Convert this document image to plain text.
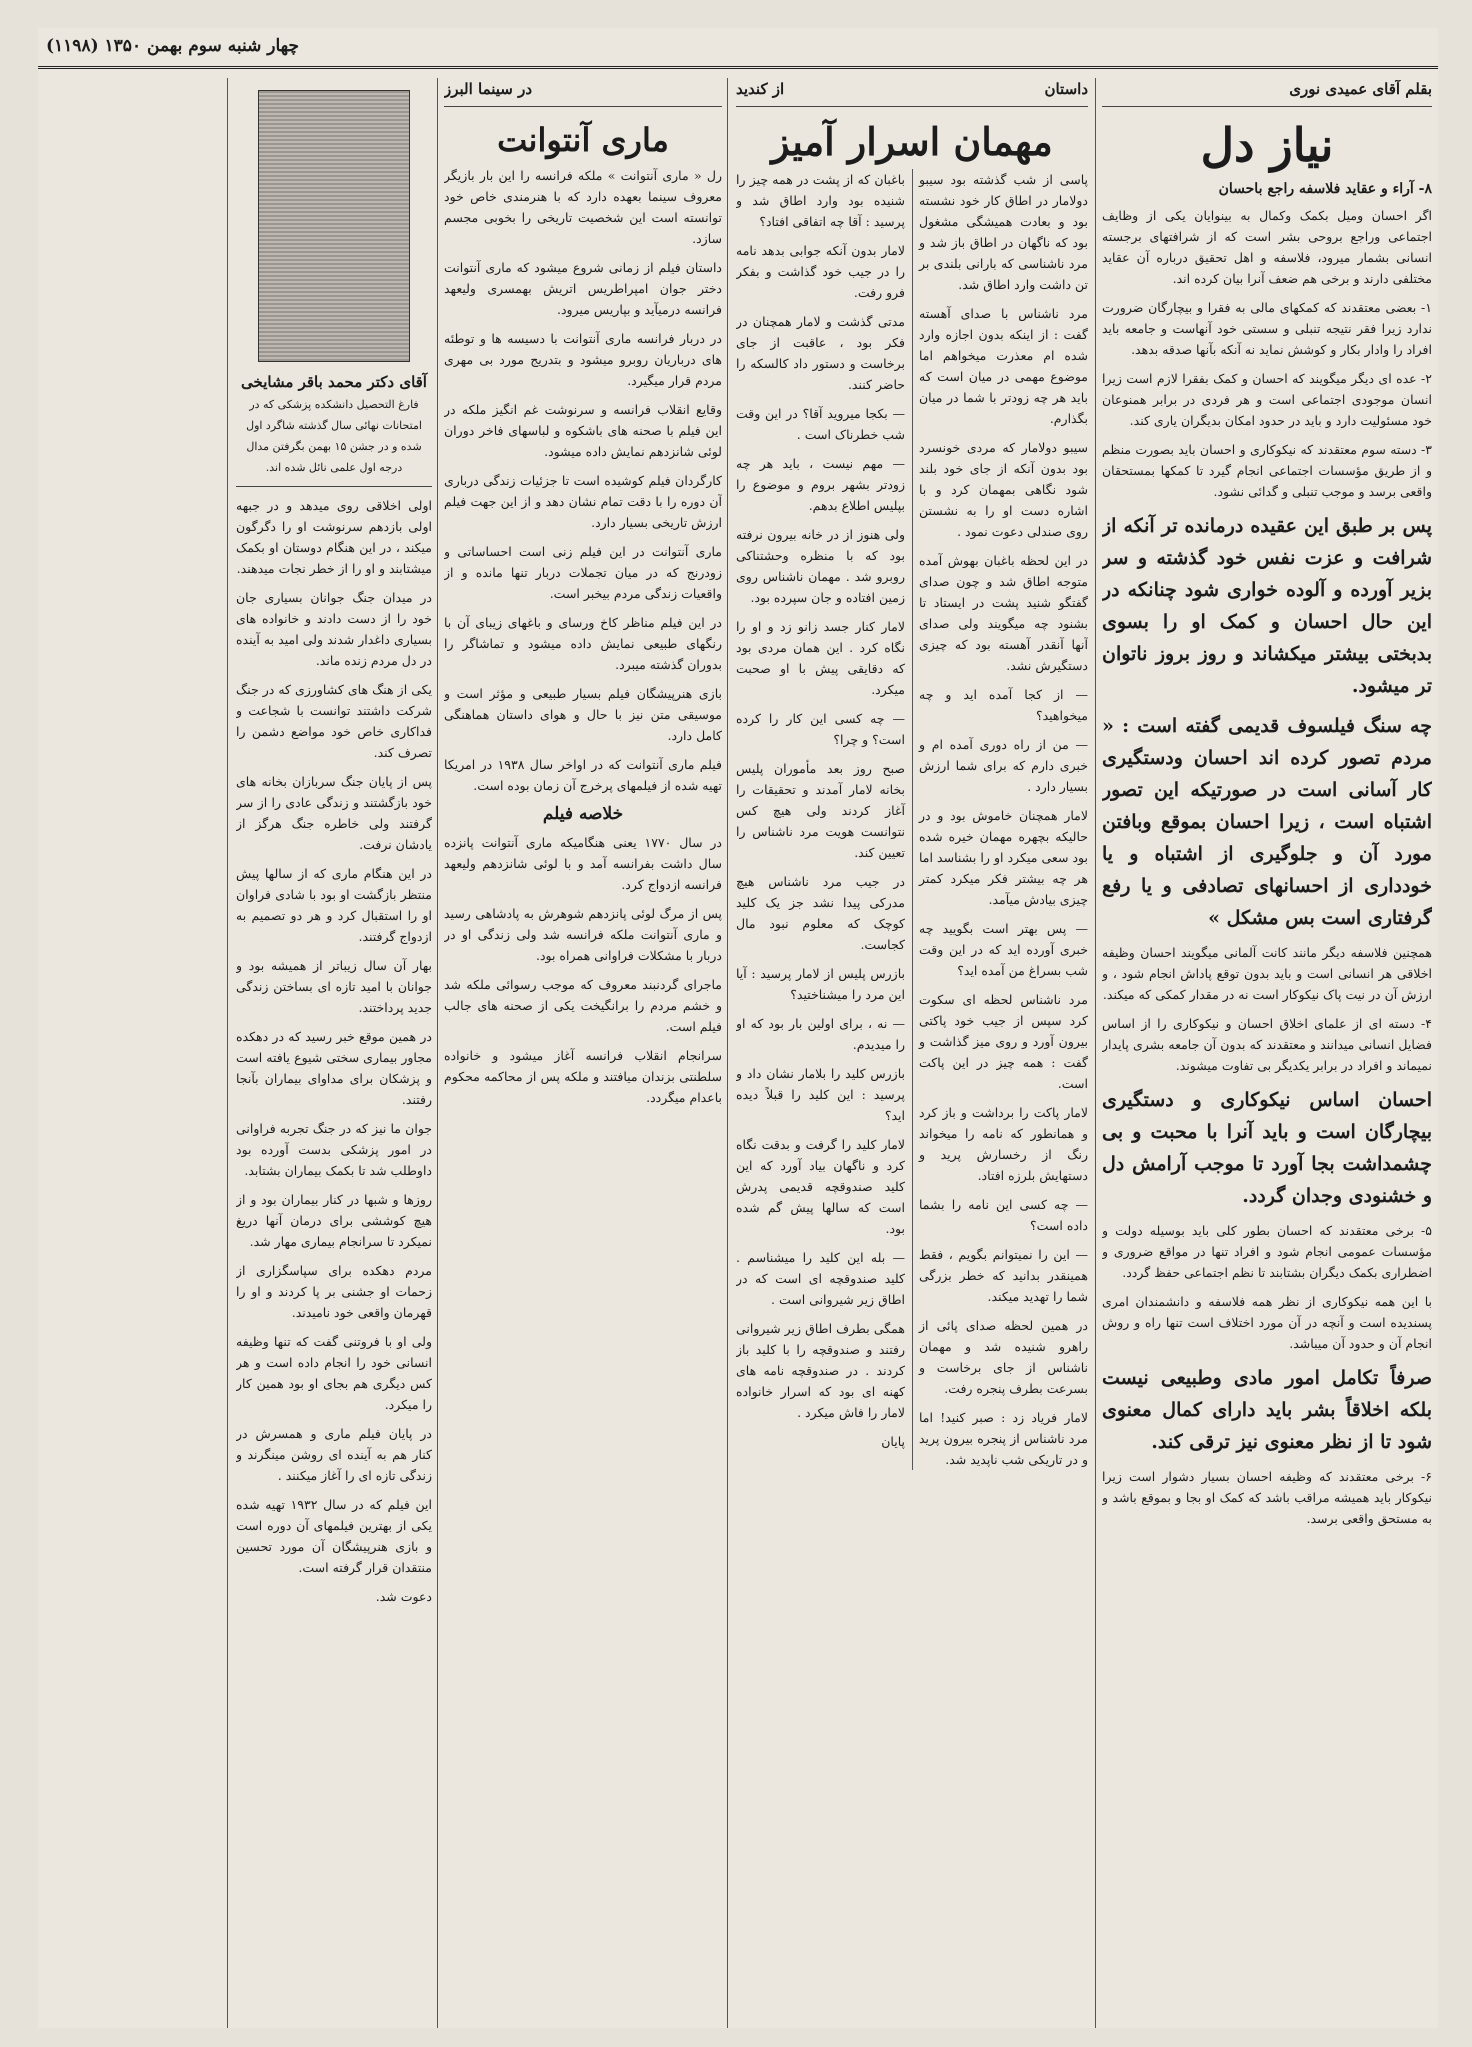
چهار شنبه سوم بهمن ۱۳۵۰ (۱۱۹۸)
بقلم آقای عمیدی نوری
نیاز دل
۸- آراء و عقاید فلاسفه راجع باحسان

اگر احسان ومیل بکمک وکمال به بینوایان یکی از وظایف اجتماعی وراجع بروحی بشر است که از شرافتهای برجسته انسانی بشمار میرود، فلاسفه و اهل تحقیق درباره آن عقاید مختلفی دارند و برخی هم ضعف آنرا بیان کرده اند.

۱- بعضی معتقدند که کمکهای مالی به فقرا و بیچارگان ضرورت ندارد زیرا فقر نتیجه تنبلی و سستی خود آنهاست و جامعه باید افراد را وادار بکار و کوشش نماید نه آنکه بآنها صدقه بدهد.

۲- عده ای دیگر میگویند که احسان و کمک بفقرا لازم است زیرا انسان موجودی اجتماعی است و هر فردی در برابر همنوعان خود مسئولیت دارد و باید در حدود امکان بدیگران یاری کند.

۳- دسته سوم معتقدند که نیکوکاری و احسان باید بصورت منظم و از طریق مؤسسات اجتماعی انجام گیرد تا کمکها بمستحقان واقعی برسد و موجب تنبلی و گدائی نشود.

پس بر طبق این عقیده درمانده تر آنکه از شرافت و عزت نفس خود گذشته و سر بزیر آورده و آلوده خواری شود چنانکه در این حال احسان و کمک او را بسوی بدبختی بیشتر میکشاند و روز بروز ناتوان تر میشود.

چه سنگ فیلسوف قدیمی گفته است : « مردم تصور کرده اند احسان ودستگیری کار آسانی است در صورتیکه این تصور اشتباه است ، زیرا احسان بموقع وبافتن مورد آن و جلوگیری از اشتباه و یا خودداری از احسانهای تصادفی و یا رفع گرفتاری است بس مشکل »

همچنین فلاسفه دیگر مانند کانت آلمانی میگویند احسان وظیفه اخلاقی هر انسانی است و باید بدون توقع پاداش انجام شود ، و ارزش آن در نیت پاک نیکوکار است نه در مقدار کمکی که میکند.

۴- دسته ای از علمای اخلاق احسان و نیکوکاری را از اساس فضایل انسانی میدانند و معتقدند که بدون آن جامعه بشری پایدار نمیماند و افراد در برابر یکدیگر بی تفاوت میشوند.

احسان اساس نیکوکاری و دستگیری بیچارگان است و باید آنرا با محبت و بی چشمداشت بجا آورد تا موجب آرامش دل و خشنودی وجدان گردد.

۵- برخی معتقدند که احسان بطور کلی باید بوسیله دولت و مؤسسات عمومی انجام شود و افراد تنها در مواقع ضروری و اضطراری بکمک دیگران بشتابند تا نظم اجتماعی حفظ گردد.

با این همه نیکوکاری از نظر همه فلاسفه و دانشمندان امری پسندیده است و آنچه در آن مورد اختلاف است تنها راه و روش انجام آن و حدود آن میباشد.

صرفاً تکامل امور مادی وطبیعی نیست بلکه اخلاقاً بشر باید دارای کمال معنوی شود تا از نظر معنوی نیز ترقی کند.

۶- برخی معتقدند که وظیفه احسان بسیار دشوار است زیرا نیکوکار باید همیشه مراقب باشد که کمک او بجا و بموقع باشد و به مستحق واقعی برسد.

داستان
از کندید
مهمان اسرار آمیز

پاسی از شب گذشته بود سیبو دولامار در اطاق کار خود نشسته بود و بعادت همیشگی مشغول بود که ناگهان در اطاق باز شد و مرد ناشناسی که بارانی بلندی بر تن داشت وارد اطاق شد.

مرد ناشناس با صدای آهسته گفت : از اینکه بدون اجازه وارد شده ام معذرت میخواهم اما موضوع مهمی در میان است که باید هر چه زودتر با شما در میان بگذارم.

سیبو دولامار که مردی خونسرد بود بدون آنکه از جای خود بلند شود نگاهی بمهمان کرد و با اشاره دست او را به نشستن روی صندلی دعوت نمود .

در این لحظه باغبان بهوش آمده متوجه اطاق شد و چون صدای گفتگو شنید پشت در ایستاد تا بشنود چه میگویند ولی صدای آنها آنقدر آهسته بود که چیزی دستگیرش نشد.

— از کجا آمده اید و چه میخواهید؟

— من از راه دوری آمده ام و خبری دارم که برای شما ارزش بسیار دارد .

لامار همچنان خاموش بود و در حالیکه بچهره مهمان خیره شده بود سعی میکرد او را بشناسد اما هر چه بیشتر فکر میکرد کمتر چیزی بیادش میآمد.

— پس بهتر است بگویید چه خبری آورده اید که در این وقت شب بسراغ من آمده اید؟

مرد ناشناس لحظه ای سکوت کرد سپس از جیب خود پاکتی بیرون آورد و روی میز گذاشت و گفت : همه چیز در این پاکت است.

لامار پاکت را برداشت و باز کرد و همانطور که نامه را میخواند رنگ از رخسارش پرید و دستهایش بلرزه افتاد.

— چه کسی این نامه را بشما داده است؟

— این را نمیتوانم بگویم ، فقط همینقدر بدانید که خطر بزرگی شما را تهدید میکند.

در همین لحظه صدای پائی از راهرو شنیده شد و مهمان ناشناس از جای برخاست و بسرعت بطرف پنجره رفت.

لامار فریاد زد : صبر کنید! اما مرد ناشناس از پنجره بیرون پرید و در تاریکی شب ناپدید شد.

باغبان که از پشت در همه چیز را شنیده بود وارد اطاق شد و پرسید : آقا چه اتفاقی افتاد؟

لامار بدون آنکه جوابی بدهد نامه را در جیب خود گذاشت و بفکر فرو رفت.

مدتی گذشت و لامار همچنان در فکر بود ، عاقبت از جای برخاست و دستور داد کالسکه را حاضر کنند.

— بکجا میروید آقا؟ در این وقت شب خطرناک است .

— مهم نیست ، باید هر چه زودتر بشهر بروم و موضوع را بپلیس اطلاع بدهم.

ولی هنوز از در خانه بیرون نرفته بود که با منظره وحشتناکی روبرو شد . مهمان ناشناس روی زمین افتاده و جان سپرده بود.

لامار کنار جسد زانو زد و او را نگاه کرد . این همان مردی بود که دقایقی پیش با او صحبت میکرد.

— چه کسی این کار را کرده است؟ و چرا؟

صبح روز بعد مأموران پلیس بخانه لامار آمدند و تحقیقات را آغاز کردند ولی هیچ کس نتوانست هویت مرد ناشناس را تعیین کند.

در جیب مرد ناشناس هیچ مدرکی پیدا نشد جز یک کلید کوچک که معلوم نبود مال کجاست.

بازرس پلیس از لامار پرسید : آیا این مرد را میشناختید؟

— نه ، برای اولین بار بود که او را میدیدم.

بازرس کلید را بلامار نشان داد و پرسید : این کلید را قبلاً دیده اید؟

لامار کلید را گرفت و بدقت نگاه کرد و ناگهان بیاد آورد که این کلید صندوقچه قدیمی پدرش است که سالها پیش گم شده بود.

— بله این کلید را میشناسم . کلید صندوقچه ای است که در اطاق زیر شیروانی است .

همگی بطرف اطاق زیر شیروانی رفتند و صندوقچه را با کلید باز کردند . در صندوقچه نامه های کهنه ای بود که اسرار خانواده لامار را فاش میکرد .

پایان

در سینما البرز
ماری آنتوانت

رل « ماری آنتوانت » ملکه فرانسه را این بار بازیگر معروف سینما بعهده دارد که با هنرمندی خاص خود توانسته است این شخصیت تاریخی را بخوبی مجسم سازد.

داستان فیلم از زمانی شروع میشود که ماری آنتوانت دختر جوان امپراطریس اتریش بهمسری ولیعهد فرانسه درمیآید و بپاریس میرود.

در دربار فرانسه ماری آنتوانت با دسیسه ها و توطئه های درباریان روبرو میشود و بتدریج مورد بی مهری مردم قرار میگیرد.

وقایع انقلاب فرانسه و سرنوشت غم انگیز ملکه در این فیلم با صحنه های باشکوه و لباسهای فاخر دوران لوئی شانزدهم نمایش داده میشود.

کارگردان فیلم کوشیده است تا جزئیات زندگی درباری آن دوره را با دقت تمام نشان دهد و از این جهت فیلم ارزش تاریخی بسیار دارد.

ماری آنتوانت در این فیلم زنی است احساساتی و زودرنج که در میان تجملات دربار تنها مانده و از واقعیات زندگی مردم بیخبر است.

در این فیلم مناظر کاخ ورسای و باغهای زیبای آن با رنگهای طبیعی نمایش داده میشود و تماشاگر را بدوران گذشته میبرد.

بازی هنرپیشگان فیلم بسیار طبیعی و مؤثر است و موسیقی متن نیز با حال و هوای داستان هماهنگی کامل دارد.

فیلم ماری آنتوانت که در اواخر سال ۱۹۳۸ در امریکا تهیه شده از فیلمهای پرخرج آن زمان بوده است.

خلاصه فیلم

در سال ۱۷۷۰ یعنی هنگامیکه ماری آنتوانت پانزده سال داشت بفرانسه آمد و با لوئی شانزدهم ولیعهد فرانسه ازدواج کرد.

پس از مرگ لوئی پانزدهم شوهرش به پادشاهی رسید و ماری آنتوانت ملکه فرانسه شد ولی زندگی او در دربار با مشکلات فراوانی همراه بود.

ماجرای گردنبند معروف که موجب رسوائی ملکه شد و خشم مردم را برانگیخت یکی از صحنه های جالب فیلم است.

سرانجام انقلاب فرانسه آغاز میشود و خانواده سلطنتی بزندان میافتند و ملکه پس از محاکمه محکوم باعدام میگردد.

آقای دکتر محمد باقر مشایخی
فارغ التحصیل دانشکده پزشکی که در امتحانات نهائی سال گذشته شاگرد اول شده و در جشن ۱۵ بهمن بگرفتن مدال درجه اول علمی نائل شده اند.

اولی اخلاقی روی میدهد و در جبهه اولی بازدهم سرنوشت او را دگرگون میکند ، در این هنگام دوستان او بکمک میشتابند و او را از خطر نجات میدهند.

در میدان جنگ جوانان بسیاری جان خود را از دست دادند و خانواده های بسیاری داغدار شدند ولی امید به آینده در دل مردم زنده ماند.

یکی از هنگ های کشاورزی که در جنگ شرکت داشتند توانست با شجاعت و فداکاری خاص خود مواضع دشمن را تصرف کند.

پس از پایان جنگ سربازان بخانه های خود بازگشتند و زندگی عادی را از سر گرفتند ولی خاطره جنگ هرگز از یادشان نرفت.

در این هنگام ماری که از سالها پیش منتظر بازگشت او بود با شادی فراوان او را استقبال کرد و هر دو تصمیم به ازدواج گرفتند.

بهار آن سال زیباتر از همیشه بود و جوانان با امید تازه ای بساختن زندگی جدید پرداختند.

در همین موقع خبر رسید که در دهکده مجاور بیماری سختی شیوع یافته است و پزشکان برای مداوای بیماران بآنجا رفتند.

جوان ما نیز که در جنگ تجربه فراوانی در امور پزشکی بدست آورده بود داوطلب شد تا بکمک بیماران بشتابد.

روزها و شبها در کنار بیماران بود و از هیچ کوششی برای درمان آنها دریغ نمیکرد تا سرانجام بیماری مهار شد.

مردم دهکده برای سپاسگزاری از زحمات او جشنی بر پا کردند و او را قهرمان واقعی خود نامیدند.

ولی او با فروتنی گفت که تنها وظیفه انسانی خود را انجام داده است و هر کس دیگری هم بجای او بود همین کار را میکرد.

در پایان فیلم ماری و همسرش در کنار هم به آینده ای روشن مینگرند و زندگی تازه ای را آغاز میکنند .

این فیلم که در سال ۱۹۳۲ تهیه شده یکی از بهترین فیلمهای آن دوره است و بازی هنرپیشگان آن مورد تحسین منتقدان قرار گرفته است.

دعوت شد.
